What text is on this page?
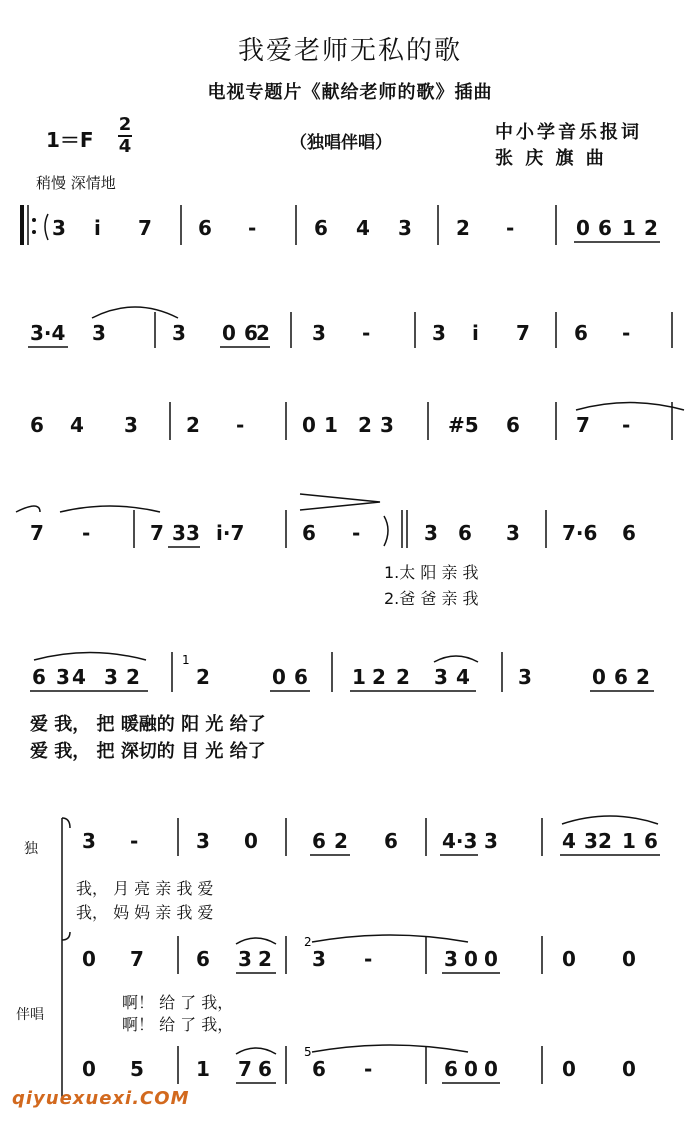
我爱老师无私的歌
电视专题片《献给老师的歌》插曲
1＝F
2
4	（独唱伴唱）	中小学音乐报词
张 庆 旗 曲
稍慢 深情地
3 i 7 6 -	6 4 3 2 -	0 6 1 2
3·4 3	3 0 6
2 3 -	3 i 7 6 -
6 4 3 2 -	0 1 2 3	#5 6	7 -
7 -	7 3 3 i·7	6 -	3 6 3 7·6 6
6 3 4 3 2
1
2	0 6 1 2 2 3 4 3	0 6 2
3 -	3 0	6 2 6 4·3 3	4 3 2 1 6
0 7	6 3 2
2
3 -	3 0 0	0 0
0 5	1 7 6
5
6 -	6 0 0	0 0
1.太 阳 亲 我
2.爸 爸 亲 我
爱 我， 把 暖融的 阳 光 给了
爱 我， 把 深切的 目 光 给了
独
我， 月 亮 亲 我 爱
我， 妈 妈 亲 我 爱
伴唱
啊！ 给 了 我，
啊！ 给 了 我，
qiyuexuexi.COM
